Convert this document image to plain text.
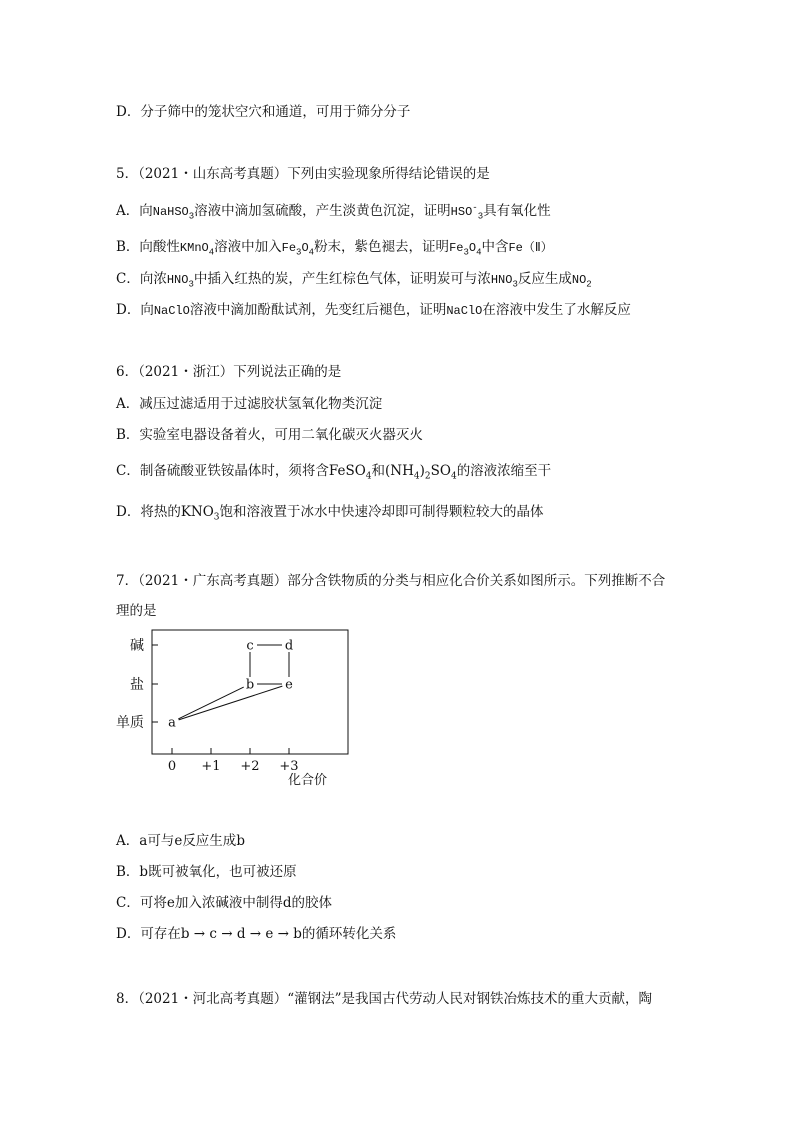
D．分子筛中的笼状空穴和通道，可用于筛分分子
5．（2021・山东高考真题）下列由实验现象所得结论错误的是
A．向NaHSO$_3$溶液中滴加氢硫酸，产生淡黄色沉淀，证明$HSO^-_3$具有氧化性
B．向酸性KMnO$_4$溶液中加入$Fe_3O_4$粉末，紫色褪去，证明$Fe_3O_4$中含Fe（Ⅱ）
C．向浓$HNO_3$中插入红热的炭，产生红棕色气体，证明炭可与浓$HNO_3$反应生成$NO_2$
D．向NaClO溶液中滴加酚酞试剂，先变红后褪色，证明NaClO在溶液中发生了水解反应
6．（2021・浙江）下列说法正确的是
A．减压过滤适用于过滤胶状氢氧化物类沉淀
B．实验室电器设备着火，可用二氧化碳灭火器灭火
C．制备硫酸亚铁铵晶体时，须将含FeSO$_4$和$(NH_4)_2SO_4$的溶液浓缩至干
D．将热的$KNO_3$饱和溶液置于冰水中快速冷却即可制得颗粒较大的晶体
7．（2021・广东高考真题）部分含铁物质的分类与相应化合价关系如图所示。下列推断不合
理的是
0 +1 +2 +3
单质
盐
碱
a
b
c d
e
化合价
A．a可与e反应生成b
B．b既可被氧化，也可被还原
C．可将e加入浓碱液中制得d的胶体
D．可存在b → c → d → e → b的循环转化关系
8．（2021・河北高考真题）“灌钢法”是我国古代劳动人民对钢铁冶炼技术的重大贡献，陶
